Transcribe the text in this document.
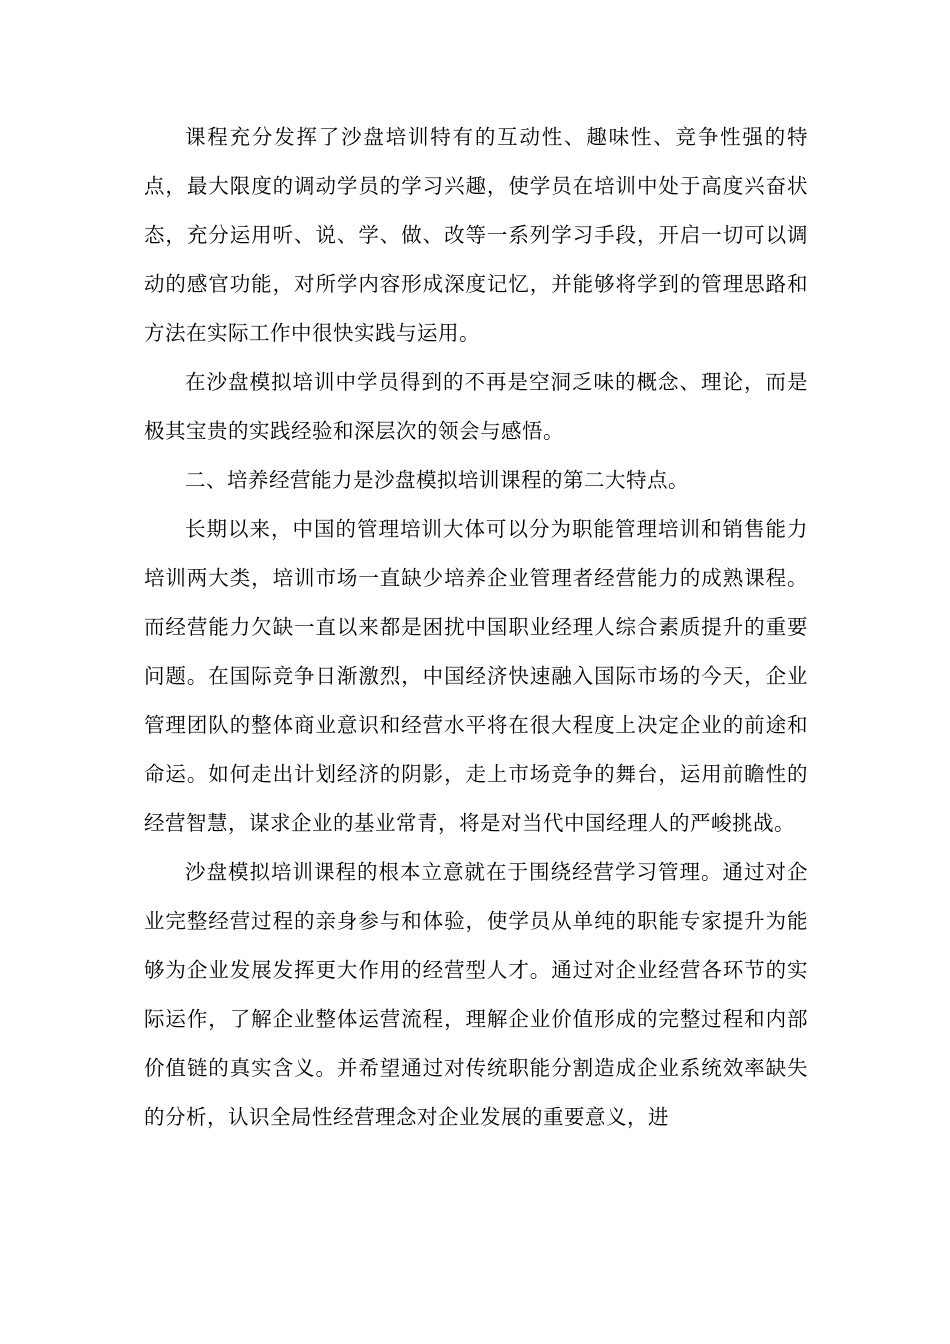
课程充分发挥了沙盘培训特有的互动性、趣味性、竞争性强的特点，最大限度的调动学员的学习兴趣，使学员在培训中处于高度兴奋状态，充分运用听、说、学、做、改等一系列学习手段，开启一切可以调动的感官功能，对所学内容形成深度记忆，并能够将学到的管理思路和方法在实际工作中很快实践与运用。

在沙盘模拟培训中学员得到的不再是空洞乏味的概念、理论，而是极其宝贵的实践经验和深层次的领会与感悟。

二、培养经营能力是沙盘模拟培训课程的第二大特点。

长期以来，中国的管理培训大体可以分为职能管理培训和销售能力培训两大类，培训市场一直缺少培养企业管理者经营能力的成熟课程。而经营能力欠缺一直以来都是困扰中国职业经理人综合素质提升的重要问题。在国际竞争日渐激烈，中国经济快速融入国际市场的今天，企业管理团队的整体商业意识和经营水平将在很大程度上决定企业的前途和命运。如何走出计划经济的阴影，走上市场竞争的舞台，运用前瞻性的经营智慧，谋求企业的基业常青，将是对当代中国经理人的严峻挑战。

沙盘模拟培训课程的根本立意就在于围绕经营学习管理。通过对企业完整经营过程的亲身参与和体验，使学员从单纯的职能专家提升为能够为企业发展发挥更大作用的经营型人才。通过对企业经营各环节的实际运作，了解企业整体运营流程，理解企业价值形成的完整过程和内部价值链的真实含义。并希望通过对传统职能分割造成企业系统效率缺失的分析，认识全局性经营理念对企业发展的重要意义，进
